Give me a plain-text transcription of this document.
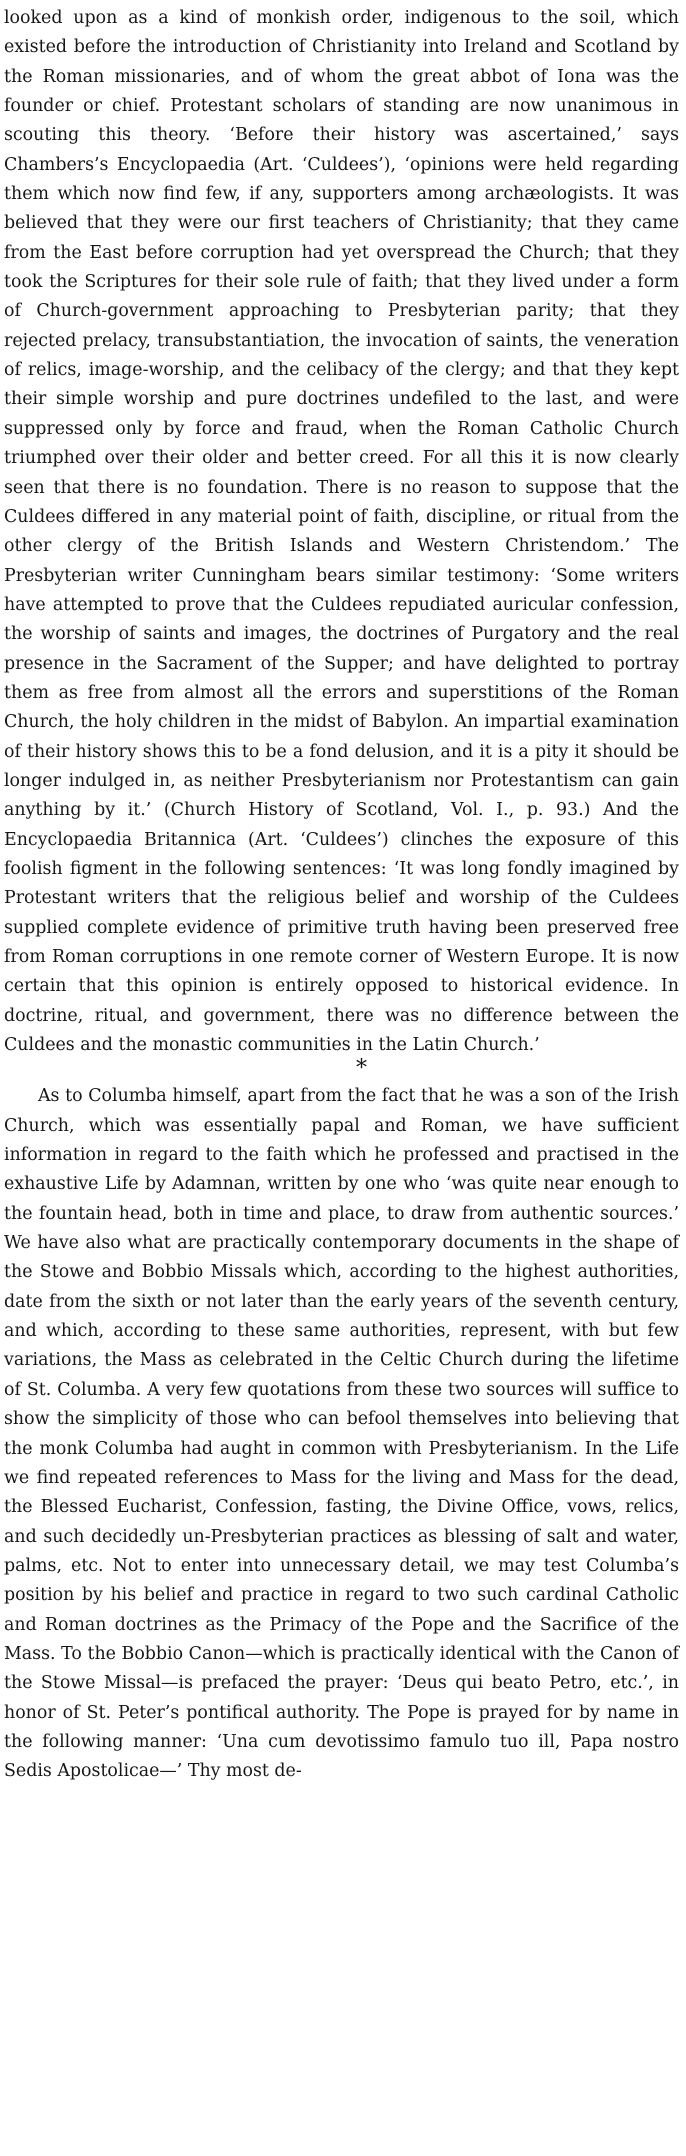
looked upon as a kind of monkish order, indigenous to the soil, which existed before the introduction of Christianity into Ireland and Scotland by the Roman missionaries, and of whom the great abbot of Iona was the founder or chief. Protestant scholars of standing are now unanimous in scouting this theory. ‘Before their history was ascertained,’ says Chambers’s Encyclopaedia (Art. ‘Culdees’), ‘opinions were held regarding them which now find few, if any, supporters among archæologists. It was believed that they were our first teachers of Christianity; that they came from the East before corruption had yet overspread the Church; that they took the Scriptures for their sole rule of faith; that they lived under a form of Church-government approaching to Presbyterian parity; that they rejected prelacy, transubstantiation, the invocation of saints, the veneration of relics, image-worship, and the celibacy of the clergy; and that they kept their simple worship and pure doctrines undefiled to the last, and were suppressed only by force and fraud, when the Roman Catholic Church triumphed over their older and better creed. For all this it is now clearly seen that there is no foundation. There is no reason to suppose that the Culdees differed in any material point of faith, discipline, or ritual from the other clergy of the British Islands and Western Christendom.’ The Presbyterian writer Cunningham bears similar testimony: ‘Some writers have attempted to prove that the Culdees repudiated auricular confession, the worship of saints and images, the doctrines of Purgatory and the real presence in the Sacrament of the Supper; and have delighted to portray them as free from almost all the errors and superstitions of the Roman Church, the holy children in the midst of Babylon. An impartial examination of their history shows this to be a fond delusion, and it is a pity it should be longer indulged in, as neither Presbyterianism nor Protestantism can gain anything by it.’ (Church History of Scotland, Vol. I., p. 93.) And the Encyclopaedia Britannica (Art. ‘Culdees’) clinches the exposure of this foolish figment in the following sentences: ‘It was long fondly imagined by Protestant writers that the religious belief and worship of the Culdees supplied complete evidence of primitive truth having been preserved free from Roman corruptions in one remote corner of Western Europe. It is now certain that this opinion is entirely opposed to historical evidence. In doctrine, ritual, and government, there was no difference between the Culdees and the monastic communities in the Latin Church.’

*

As to Columba himself, apart from the fact that he was a son of the Irish Church, which was essentially papal and Roman, we have sufficient information in regard to the faith which he professed and practised in the exhaustive Life by Adamnan, written by one who ‘was quite near enough to the fountain head, both in time and place, to draw from authentic sources.’ We have also what are practically contemporary documents in the shape of the Stowe and Bobbio Missals which, according to the highest authorities, date from the sixth or not later than the early years of the seventh century, and which, according to these same authorities, represent, with but few variations, the Mass as celebrated in the Celtic Church during the lifetime of St. Columba. A very few quotations from these two sources will suffice to show the simplicity of those who can befool themselves into believing that the monk Columba had aught in common with Presbyterianism. In the Life we find repeated references to Mass for the living and Mass for the dead, the Blessed Eucharist, Confession, fasting, the Divine Office, vows, relics, and such decidedly un-Presbyterian practices as blessing of salt and water, palms, etc. Not to enter into unnecessary detail, we may test Columba’s position by his belief and practice in regard to two such cardinal Catholic and Roman doctrines as the Primacy of the Pope and the Sacrifice of the Mass. To the Bobbio Canon—which is practically identical with the Canon of the Stowe Missal—is prefaced the prayer: ‘Deus qui beato Petro, etc.’, in honor of St. Peter’s pontifical authority. The Pope is prayed for by name in the following manner: ‘Una cum devotissimo famulo tuo ill, Papa nostro Sedis Apostolicae—’ Thy most de-
